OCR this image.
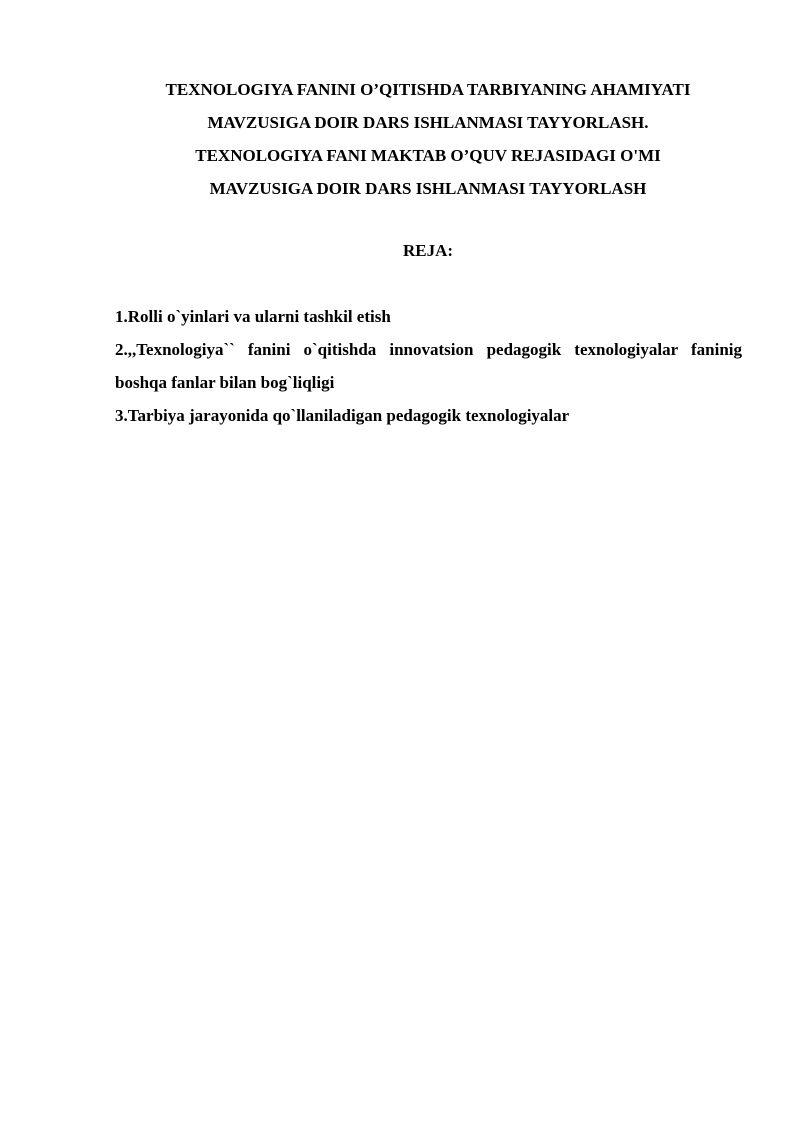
TEXNOLOGIYA FANINI O’QITISHDA TARBIYANING AHAMIYATI
MAVZUSIGA DOIR DARS ISHLANMASI TAYYORLASH.
TEXNOLOGIYA FANI MAKTAB O’QUV REJASIDAGI O'MI
MAVZUSIGA DOIR DARS ISHLANMASI TAYYORLASH
REJA:
1.Rolli o`yinlari va ularni tashkil etish
2.,,Texnologiya`` fanini o`qitishda innovatsion pedagogik texnologiyalar faninig boshqa fanlar bilan bog`liqligi
3.Tarbiya jarayonida qo`llaniladigan pedagogik texnologiyalar
